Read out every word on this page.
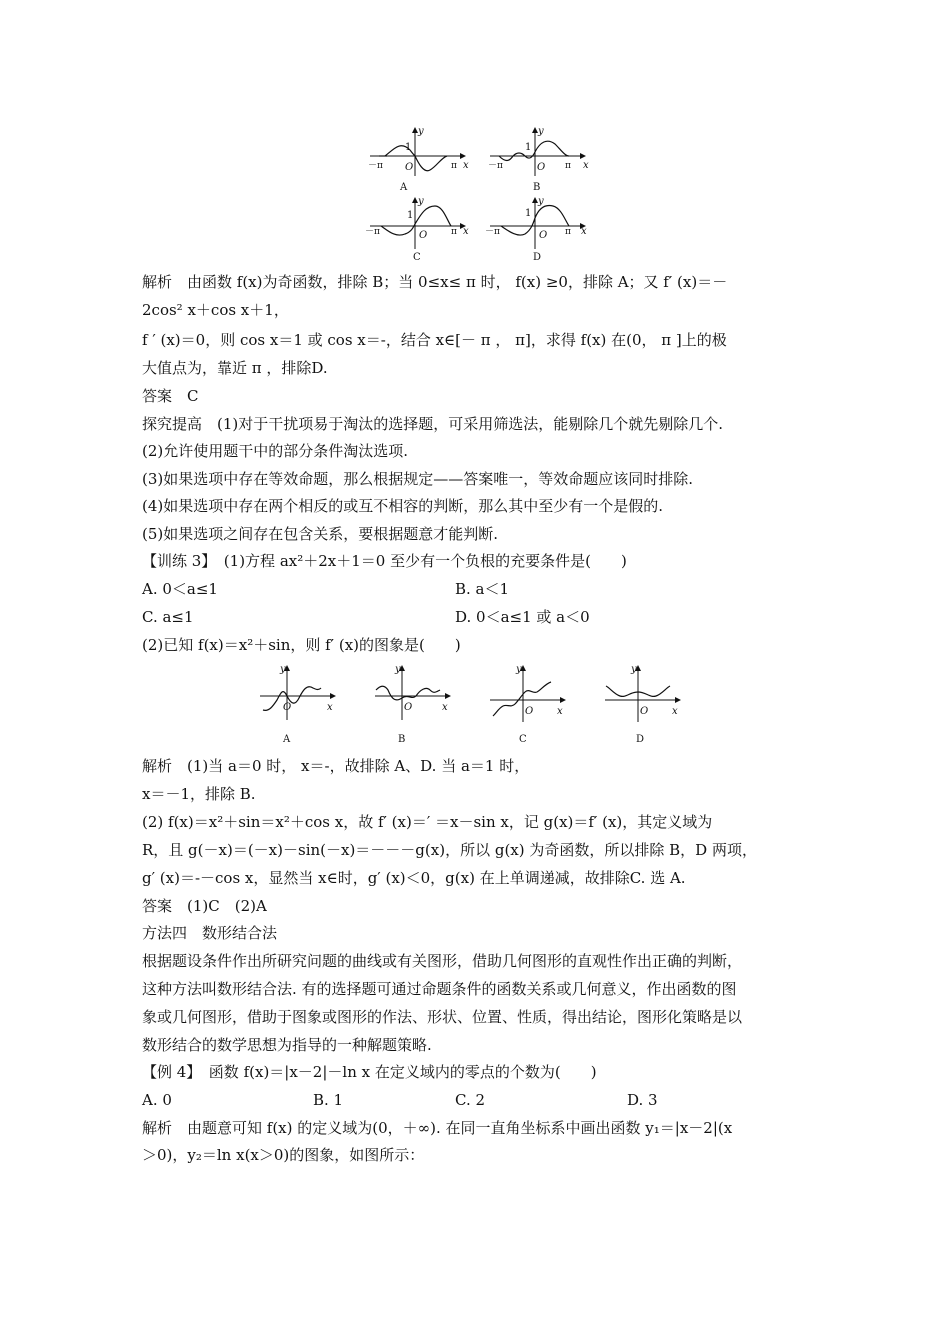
1
y
O
－π	π x
A
1
y
O
－π	π x
B
1
y
O
－π	π x
C
1
y
O
－π	π x
D
解析　由函数 f(x)为奇函数，排除 B；当 0≤x≤ π 时， f(x) ≥0，排除 A；又 f′ (x)＝－
2cos² x＋cos x＋1，
f ′ (x)＝0，则 cos x＝1 或 cos x＝-，结合 x∈[－ π ， π]，求得 f(x) 在(0， π ]上的极
大值点为，靠近 π ，排除D.
答案　C
探究提高　(1)对于干扰项易于淘汰的选择题，可采用筛选法，能剔除几个就先剔除几个.
(2)允许使用题干中的部分条件淘汰选项.
(3)如果选项中存在等效命题，那么根据规定——答案唯一，等效命题应该同时排除.
(4)如果选项中存在两个相反的或互不相容的判断，那么其中至少有一个是假的.
(5)如果选项之间存在包含关系，要根据题意才能判断.
【训练 3】　(1)方程 ax²＋2x＋1＝0 至少有一个负根的充要条件是(　　)
A. 0＜a≤1	B. a＜1
C. a≤1	D. 0＜a≤1 或 a＜0
(2)已知 f(x)＝x²＋sin，则 f′ (x)的图象是(　　)
y
O	x
A
y
O	x
B
y
O x
C
y
O x
D
解析　(1)当 a＝0 时， x＝-，故排除 A、D. 当 a＝1 时，
x＝－1，排除 B.
(2) f(x)＝x²＋sin＝x²＋cos x，故 f′ (x)＝′ ＝x－sin x，记 g(x)＝f′ (x)，其定义域为
R，且 g(－x)＝(－x)－sin(－x)＝－－－g(x)，所以 g(x) 为奇函数，所以排除 B，D 两项，
g′ (x)＝-－cos x，显然当 x∈时，g′ (x)＜0，g(x) 在上单调递减，故排除C. 选 A.
答案　(1)C　(2)A
方法四　数形结合法
根据题设条件作出所研究问题的曲线或有关图形，借助几何图形的直观性作出正确的判断，
这种方法叫数形结合法. 有的选择题可通过命题条件的函数关系或几何意义，作出函数的图
象或几何图形，借助于图象或图形的作法、形状、位置、性质，得出结论，图形化策略是以
数形结合的数学思想为指导的一种解题策略.
【例 4】　函数 f(x)＝|x－2|－ln x 在定义域内的零点的个数为(　　)
A. 0	B. 1	C. 2	D. 3
解析　由题意可知 f(x) 的定义域为(0，＋∞). 在同一直角坐标系中画出函数 y₁＝|x－2|(x
＞0)，y₂＝ln x(x＞0)的图象，如图所示：
